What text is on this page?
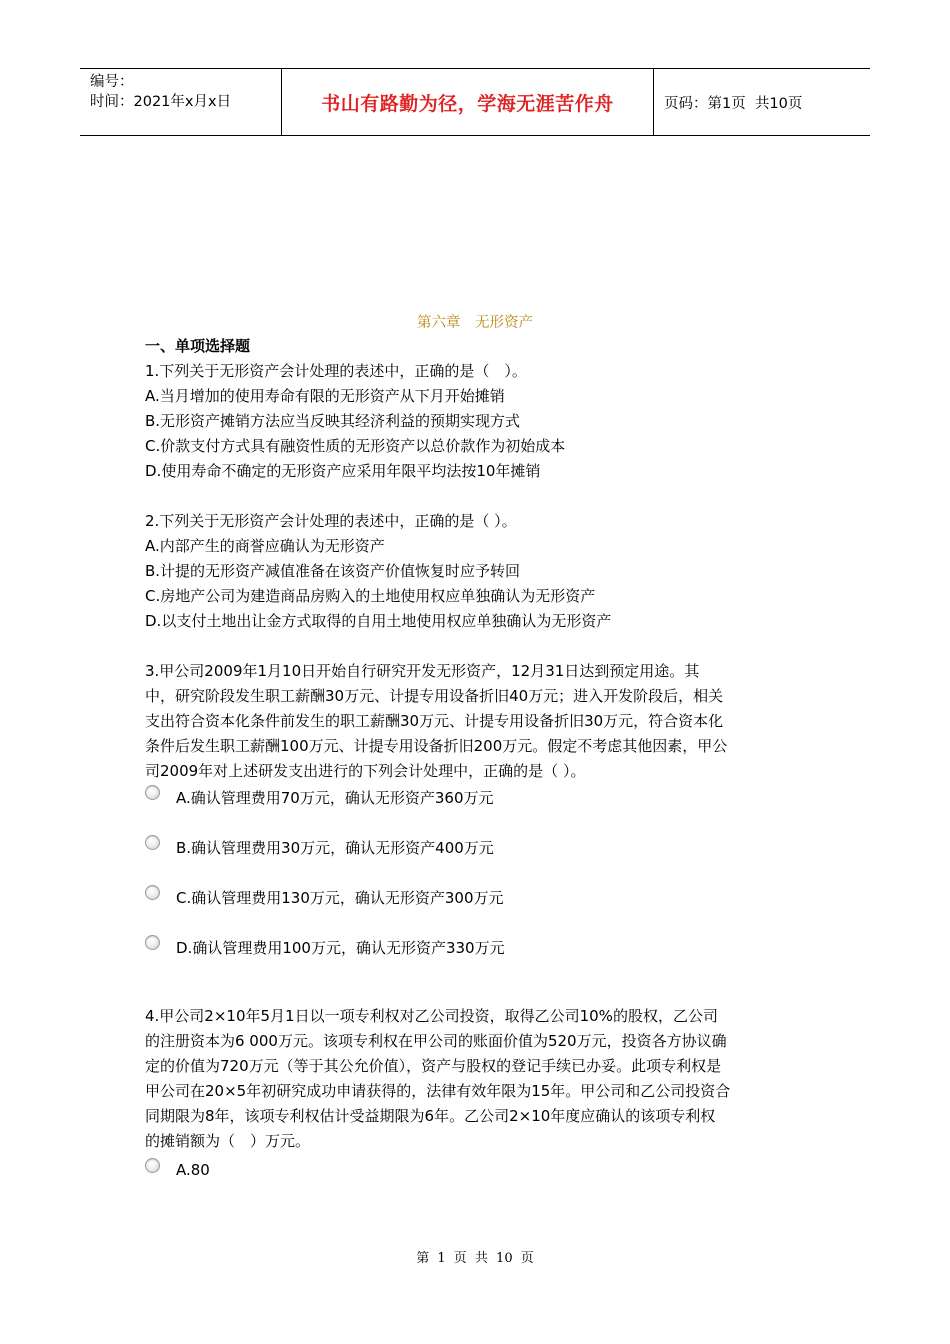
编号：
时间：2021年x月x日	书山有路勤为径，学海无涯苦作舟	页码：第1页  共10页
第六章　无形资产
一、单项选择题
1.下列关于无形资产会计处理的表述中，正确的是（　）。
A.当月增加的使用寿命有限的无形资产从下月开始摊销
B.无形资产摊销方法应当反映其经济利益的预期实现方式
C.价款支付方式具有融资性质的无形资产以总价款作为初始成本
D.使用寿命不确定的无形资产应采用年限平均法按10年摊销
2.下列关于无形资产会计处理的表述中，正确的是（ ）。
A.内部产生的商誉应确认为无形资产
B.计提的无形资产减值准备在该资产价值恢复时应予转回
C.房地产公司为建造商品房购入的土地使用权应单独确认为无形资产
D.以支付土地出让金方式取得的自用土地使用权应单独确认为无形资产
3.甲公司2009年1月10日开始自行研究开发无形资产，12月31日达到预定用途。其
中，研究阶段发生职工薪酬30万元、计提专用设备折旧40万元；进入开发阶段后，相关
支出符合资本化条件前发生的职工薪酬30万元、计提专用设备折旧30万元，符合资本化
条件后发生职工薪酬100万元、计提专用设备折旧200万元。假定不考虑其他因素，甲公
司2009年对上述研发支出进行的下列会计处理中，正确的是（ ）。
A.确认管理费用70万元，确认无形资产360万元
B.确认管理费用30万元，确认无形资产400万元
C.确认管理费用130万元，确认无形资产300万元
D.确认管理费用100万元，确认无形资产330万元
4.甲公司2×10年5月1日以一项专利权对乙公司投资，取得乙公司10%的股权，乙公司
的注册资本为6 000万元。该项专利权在甲公司的账面价值为520万元，投资各方协议确
定的价值为720万元（等于其公允价值），资产与股权的登记手续已办妥。此项专利权是
甲公司在20×5年初研究成功申请获得的，法律有效年限为15年。甲公司和乙公司投资合
同期限为8年，该项专利权估计受益期限为6年。乙公司2×10年度应确认的该项专利权
的摊销额为（　）万元。
A.80
第 1 页 共 10 页
